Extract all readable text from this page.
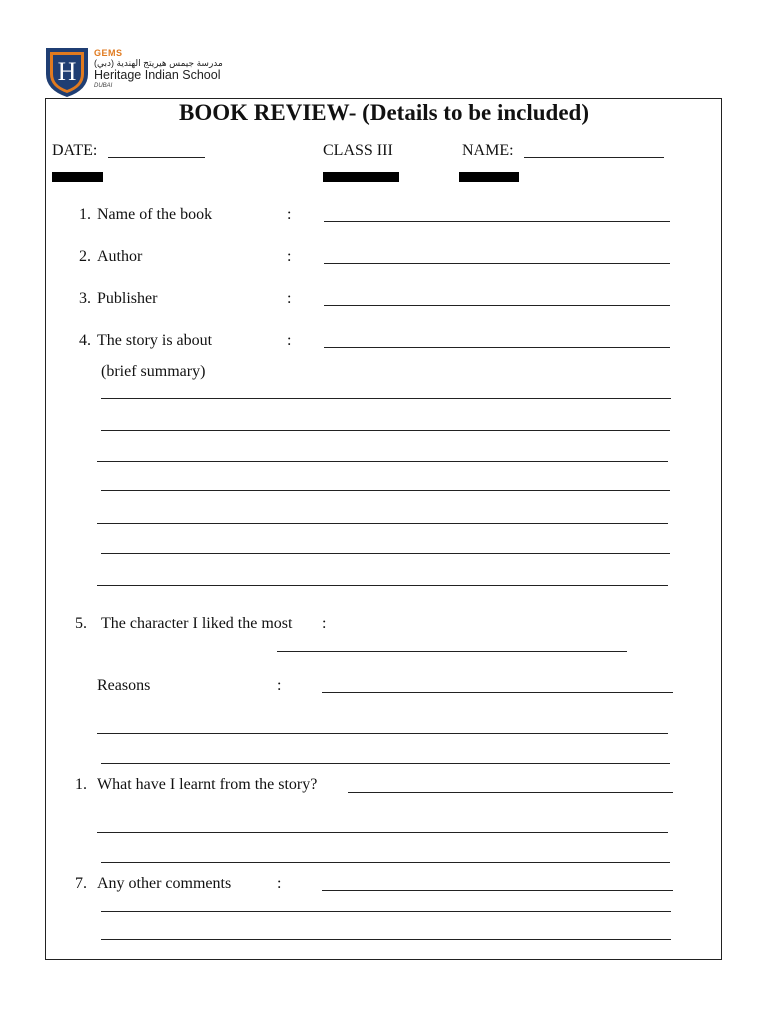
H
GEMS
مدرسة جيمس هيريتج الهندية (دبي)
Heritage Indian School
DUBAI
BOOK REVIEW- (Details to be included)
DATE:	CLASS III	NAME:
1. Name of the book	:
2. Author	:
3. Publisher	:
4. The story is about	:
(brief summary)
5. The character I liked the most :
Reasons	:
1. What have I learnt from the story?
7. Any other comments	:
